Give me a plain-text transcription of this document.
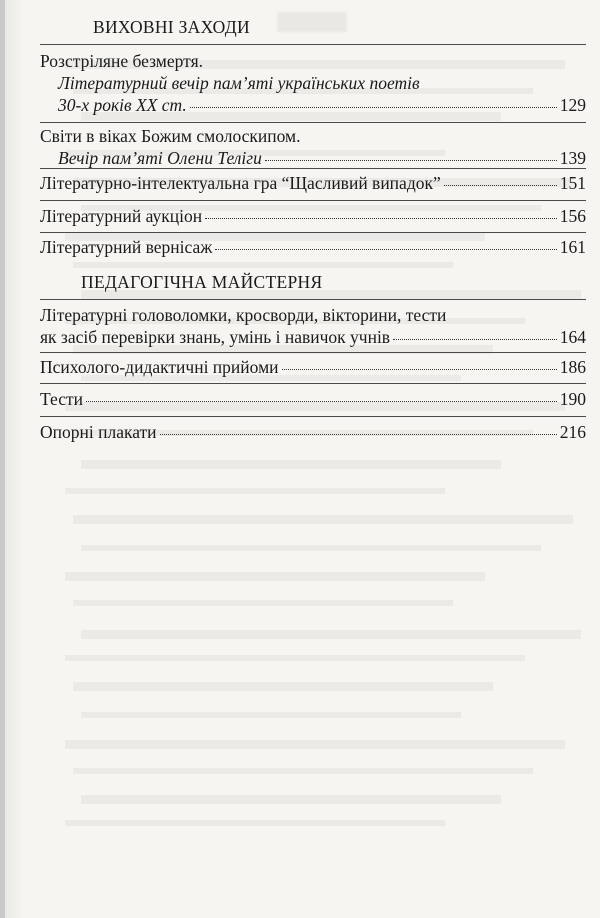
ВИХОВНІ ЗАХОДИ
Розстріляне безмертя.
Літературний вечір пам’яті українських поетів
30-х років XX ст.	129
Світи в віках Божим смолоскипом.
Вечір пам’яті Олени Теліги	139
Літературно-інтелектуальна гра “Щасливий випадок”	151
Літературний аукціон	156
Літературний вернісаж	161
ПЕДАГОГІЧНА МАЙСТЕРНЯ
Літературні головоломки, кросворди, вікторини, тести
як засіб перевірки знань, умінь і навичок учнів	164
Психолого-дидактичні прийоми	186
Тести	190
Опорні плакати	216
